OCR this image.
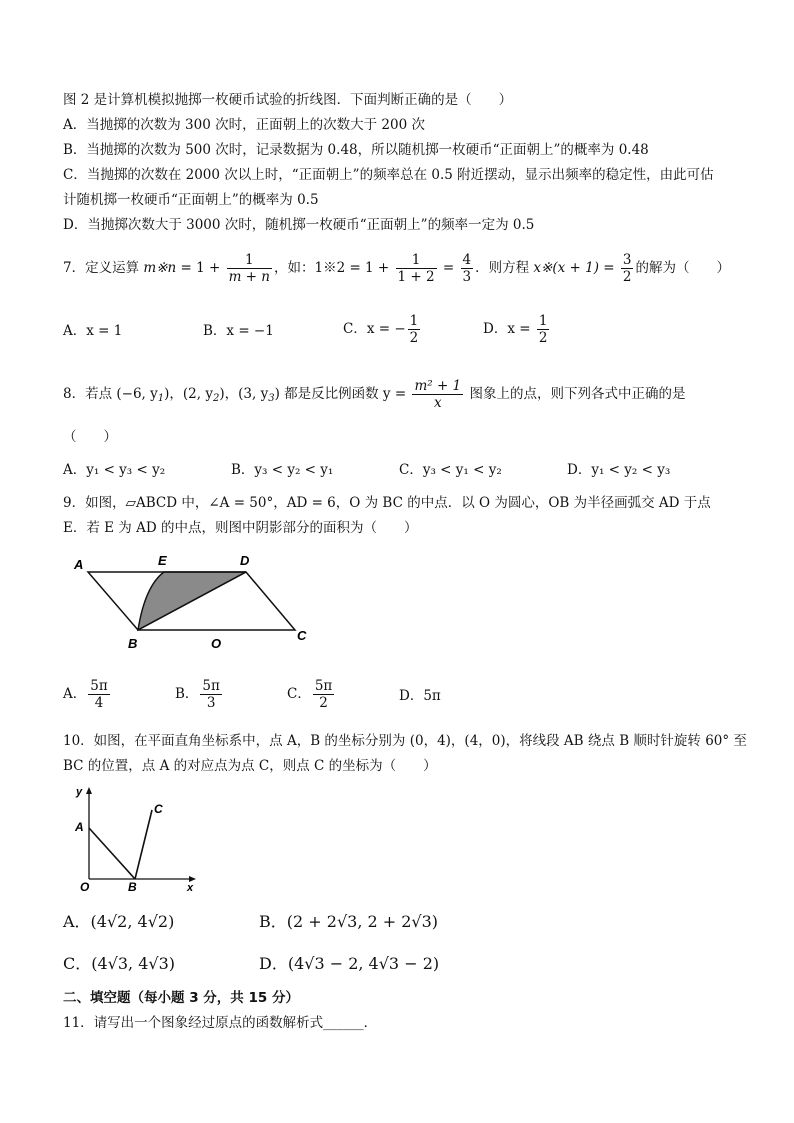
图 2 是计算机模拟抛掷一枚硬币试验的折线图．下面判断正确的是（　　）
A．当抛掷的次数为 300 次时，正面朝上的次数大于 200 次
B．当抛掷的次数为 500 次时，记录数据为 0.48，所以随机掷一枚硬币“正面朝上”的概率为 0.48
C．当抛掷的次数在 2000 次以上时，“正面朝上”的频率总在 0.5 附近摆动，显示出频率的稳定性，由此可估
计随机掷一枚硬币“正面朝上”的概率为 0.5
D．当抛掷次数大于 3000 次时，随机掷一枚硬币“正面朝上”的频率一定为 0.5
7．定义运算 m※n = $1 + \frac{1}{m + n}$ ，如：1※2 = $1 + \frac{1}{1 + 2} = \frac{4}{3}$ ．则方程 x※(x + $1) = \frac{3}{2}$ 的解为（　　）
A．x = 1	B．x = −1	C．x = − $\frac{1}{2}$	D．$x = \frac{1}{2}$
8．若点 (−6, $y_1$)，(2, $y_2$)，(3, $y_3$) 都是反比例函数 $y = \frac{\text{m² + 1}}{x}$ 图象上的点，则下列各式中正确的是
（　　）
A．y₁ < y₃ < y₂	B．y₃ < y₂ < y₁	C．y₃ < y₁ < y₂	D．y₁ < y₂ < y₃
9．如图，▱ABCD 中，∠A = 50°，AD = 6，O 为 BC 的中点．以 O 为圆心，OB 为半径画弧交 AD 于点
E．若 E 为 AD 的中点，则图中阴影部分的面积为（　　）
A	E	D
B	O
C
A． $\frac{5\pi}{4}$	B． $\frac{5\pi}{3}$	C． $\frac{5\pi}{2}$	D．5π
10．如图，在平面直角坐标系中，点 A，B 的坐标分别为 (0，4)，(4，0)，将线段 AB 绕点 B 顺时针旋转 60° 至
BC 的位置，点 A 的对应点为点 C，则点 C 的坐标为（　　）
y
x
A
C
O	B
A．(4√2, 4√2)	B．(2 + 2√3, 2 + 2√3)
C．(4√3, 4√3)	D．(4√3 − 2, 4√3 − 2)
二、填空题（每小题 3 分，共 15 分）
11．请写出一个图象经过原点的函数解析式______．
